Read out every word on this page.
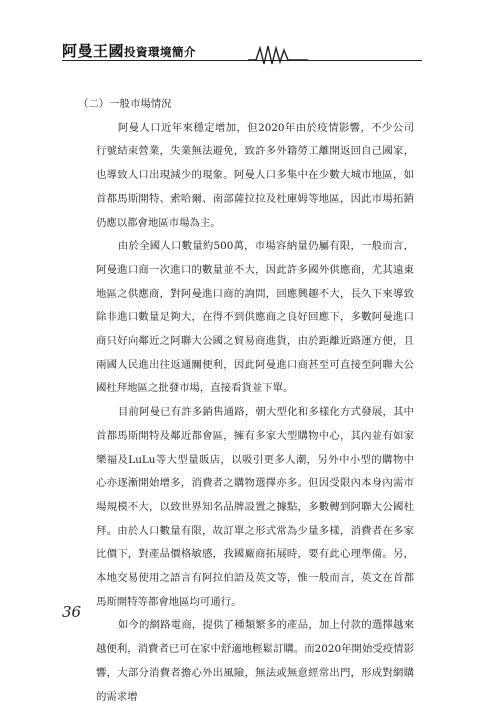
阿曼王國投資環境簡介
（二）一般市場情況
阿曼人口近年來穩定增加，但2020年由於疫情影響，不少公司行號結束營業，失業無法避免，致許多外籍勞工離開返回自己國家，也導致人口出現減少的現象。阿曼人口多集中在少數大城市地區，如首都馬斯開特、索哈爾、南部薩拉拉及杜庫姆等地區，因此市場拓銷仍應以都會地區市場為主。
由於全國人口數量約500萬，市場容納量仍屬有限，一般而言，阿曼進口商一次進口的數量並不大，因此許多國外供應商，尤其遠東地區之供應商，對阿曼進口商的詢問，回應興趣不大，長久下來導致除非進口數量足夠大，在得不到供應商之良好回應下，多數阿曼進口商只好向鄰近之阿聯大公國之貿易商進貨，由於距離近路運方便，且兩國人民進出往返通關便利，因此阿曼進口商甚至可直接至阿聯大公國杜拜地區之批發市場，直接看貨並下單。
目前阿曼已有許多銷售通路，朝大型化和多樣化方式發展，其中首都馬斯開特及鄰近都會區，擁有多家大型購物中心，其內並有如家樂福及LuLu等大型量販店，以吸引更多人潮，另外中小型的購物中心亦逐漸開始增多，消費者之購物選擇亦多。但因受限內本身內需市場規模不大，以致世界知名品牌設置之據點，多數轉到阿聯大公國杜拜。由於人口數量有限，故訂單之形式常為少量多樣，消費者在多家比價下，對產品價格敏感，我國廠商拓展時，要有此心理準備。另，本地交易使用之語言有阿拉伯語及英文等，惟一般而言，英文在首都馬斯開特等都會地區均可通行。
如今的網路電商，提供了種類繁多的產品，加上付款的選擇越來越便利，消費者已可在家中舒適地輕鬆訂購。而2020年開始受疫情影響，大部分消費者擔心外出風險，無法或無意經常出門，形成對網購的需求增
36
